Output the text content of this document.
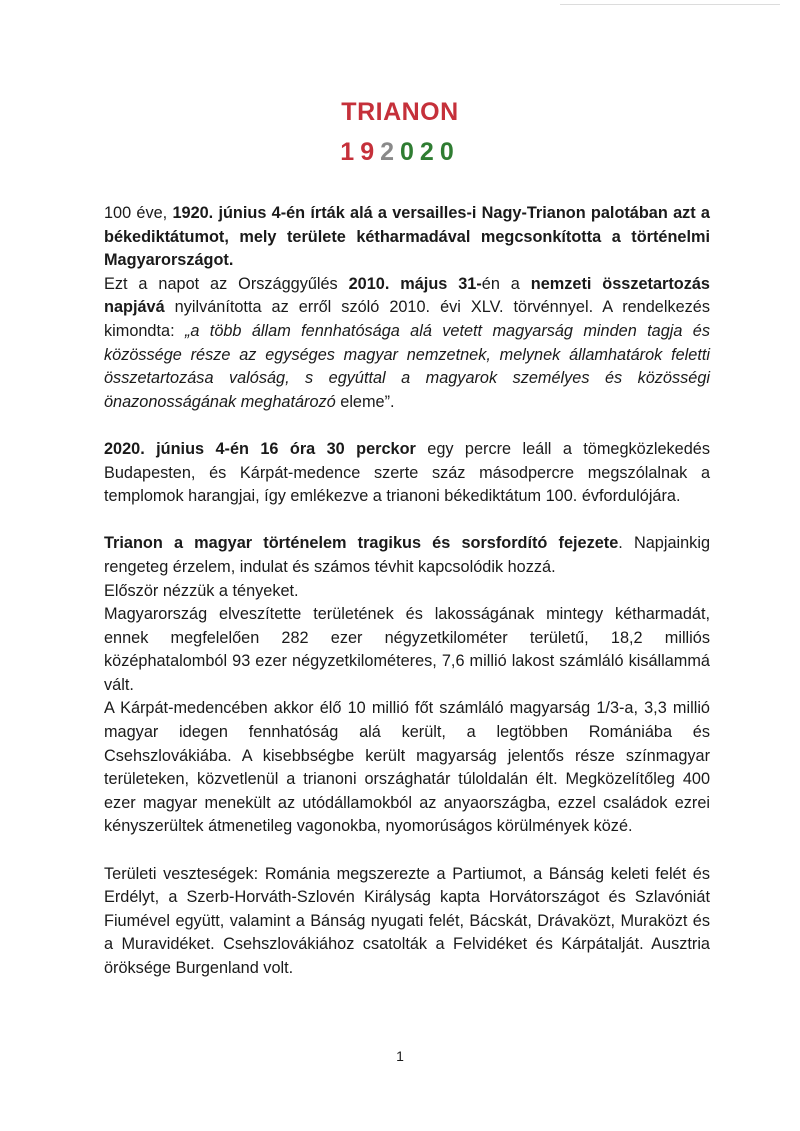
TRIANON
192020

100 éve, 1920. június 4-én írták alá a versailles-i Nagy-Trianon palotában azt a békediktátumot, mely területe kétharmadával megcsonkította a történelmi Magyarországot.

Ezt a napot az Országgyűlés 2010. május 31-én a nemzeti összetartozás napjává nyilvánította az erről szóló 2010. évi XLV. törvénnyel. A rendelkezés kimondta: „a több állam fennhatósága alá vetett magyarság minden tagja és közössége része az egységes magyar nemzetnek, melynek államhatárok feletti összetartozása valóság, s egyúttal a magyarok személyes és közösségi önazonosságának meghatározó eleme”.

2020. június 4-én 16 óra 30 perckor egy percre leáll a tömegközlekedés Budapesten, és Kárpát-medence szerte száz másodpercre megszólalnak a templomok harangjai, így emlékezve a trianoni békediktátum 100. évfordulójára.

Trianon a magyar történelem tragikus és sorsfordító fejezete. Napjainkig rengeteg érzelem, indulat és számos tévhit kapcsolódik hozzá.

Először nézzük a tényeket.

Magyarország elveszítette területének és lakosságának mintegy kétharmadát, ennek megfelelően 282 ezer négyzetkilométer területű, 18,2 milliós középhatalomból 93 ezer négyzetkilométeres, 7,6 millió lakost számláló kisállammá vált.

A Kárpát-medencében akkor élő 10 millió főt számláló magyarság 1/3-a, 3,3 millió magyar idegen fennhatóság alá került, a legtöbben Romániába és Csehszlovákiába. A kisebbségbe került magyarság jelentős része színmagyar területeken, közvetlenül a trianoni országhatár túloldalán élt. Megközelítőleg 400 ezer magyar menekült az utódállamokból az anyaországba, ezzel családok ezrei kényszerültek átmenetileg vagonokba, nyomorúságos körülmények közé.

Területi veszteségek: Románia megszerezte a Partiumot, a Bánság keleti felét és Erdélyt, a Szerb-Horváth-Szlovén Királyság kapta Horvátországot és Szlavóniát Fiumével együtt, valamint a Bánság nyugati felét, Bácskát, Drávaközt, Muraközt és a Muravidéket. Csehszlovákiához csatolták a Felvidéket és Kárpátalját. Ausztria öröksége Burgenland volt.

1
